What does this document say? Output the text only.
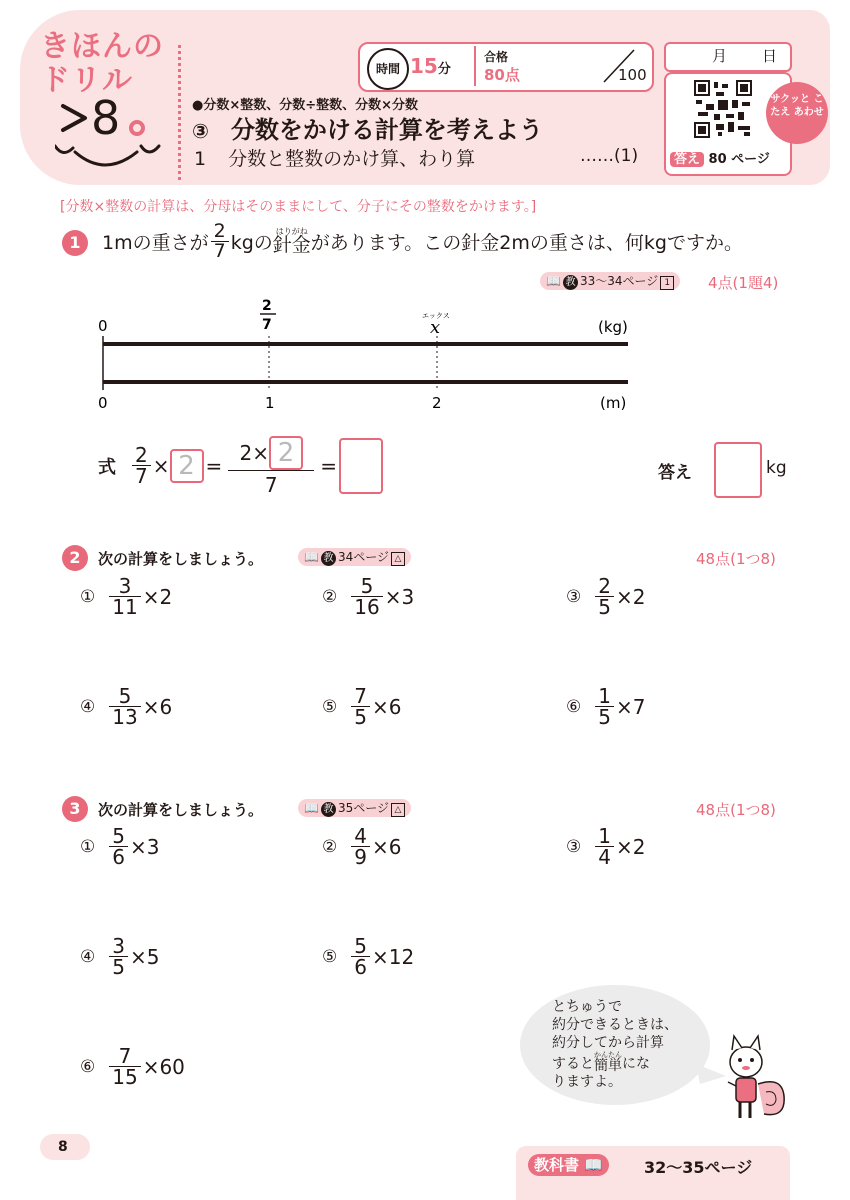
きほんの
ドリル
8
時間 15分
合格
80点	100
月 日
サクッと こたえ あわせ
答え 80 ページ
●分数×整数、分数÷整数、分数×分数
③ 分数をかける計算を考えよう
1 分数と整数のかけ算、わり算	……(1)
[分数×整数の計算は、分母はそのままにして、分子にその整数をかけます。]
1	1mの重さが $\frac{2}{7}$ kgの
はりがね
針金 があります。この針金2mの重さは、何kgですか。
📖 教 33〜34ページ 1	4点(1題4)
0
2
7
エックス
x	(kg)
0	1	2	(m)
式 $\frac{2}{7} \times 2 = \frac{2\times 2}{7}$ =	答え	kg
2	次の計算をしましょう。	📖 教 34ページ △	48点(1つ8)
① $\frac{3}{11} \times 2$	② $\frac{5}{16} \times 3$	③ $\frac{2}{5} \times 2$
④ $\frac{5}{13} \times 6$	⑤ $\frac{7}{5} \times 6$	⑥ $\frac{1}{5} \times 7$
3	次の計算をしましょう。	📖 教 35ページ △	48点(1つ8)
① $\frac{5}{6} \times 3$	② $\frac{4}{9} \times 6$	③ $\frac{1}{4} \times 2$
④ $\frac{3}{5} \times 5$	⑤ $\frac{5}{6} \times 12$
⑥ $\frac{7}{15} \times 60$
とちゅうで
約分できるときは、
約分してから計算
すると
かんたん
簡単 にな
りますよ。
8
教科書 📖	32〜35ページ
